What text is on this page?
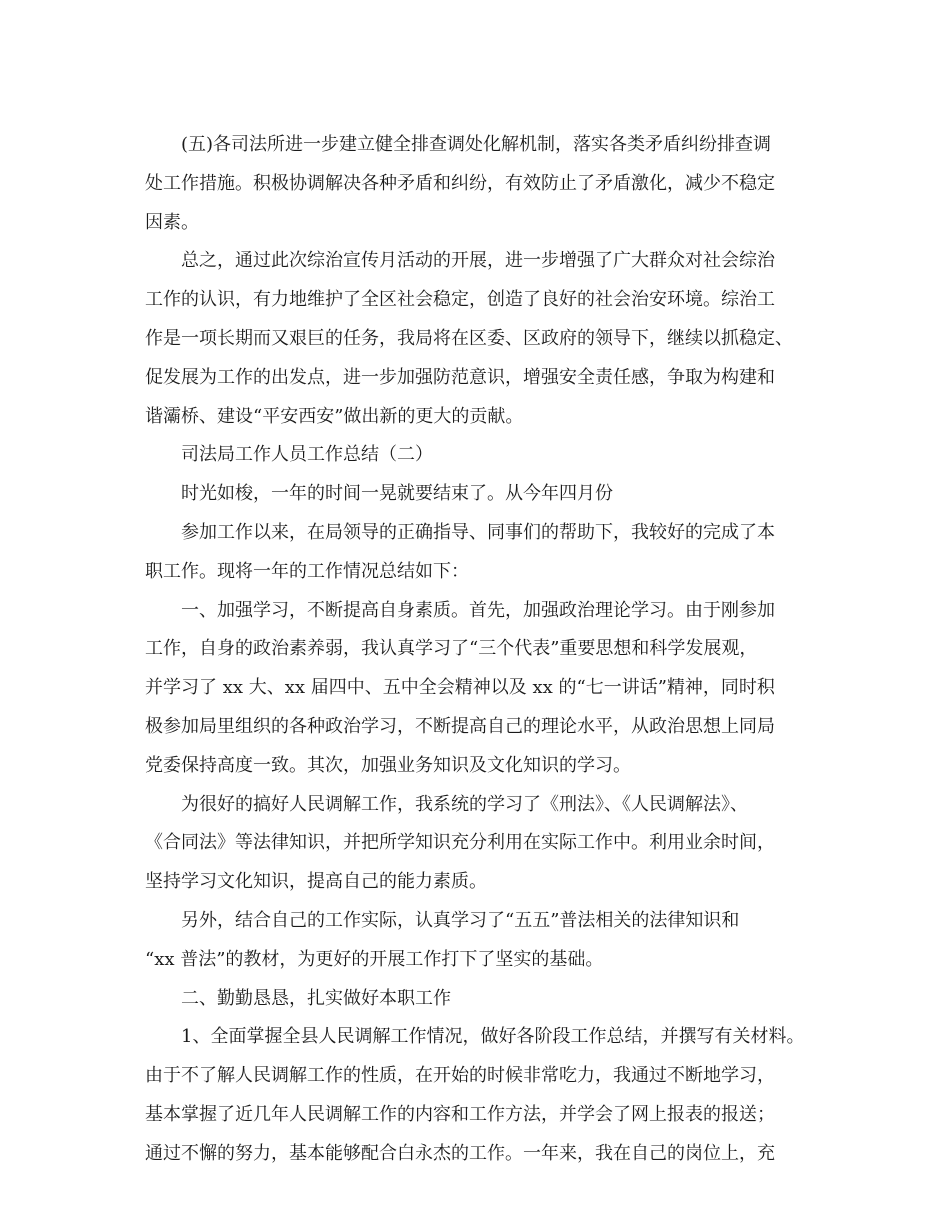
(五)各司法所进一步建立健全排查调处化解机制，落实各类矛盾纠纷排查调
处工作措施。积极协调解决各种矛盾和纠纷，有效防止了矛盾激化，减少不稳定
因素。
总之，通过此次综治宣传月活动的开展，进一步增强了广大群众对社会综治
工作的认识，有力地维护了全区社会稳定，创造了良好的社会治安环境。综治工
作是一项长期而又艰巨的任务，我局将在区委、区政府的领导下，继续以抓稳定、
促发展为工作的出发点，进一步加强防范意识，增强安全责任感，争取为构建和
谐灞桥、建设“平安西安”做出新的更大的贡献。
司法局工作人员工作总结（二）
时光如梭，一年的时间一晃就要结束了。从今年四月份
参加工作以来，在局领导的正确指导、同事们的帮助下，我较好的完成了本
职工作。现将一年的工作情况总结如下：
一、加强学习，不断提高自身素质。首先，加强政治理论学习。由于刚参加
工作，自身的政治素养弱，我认真学习了“三个代表”重要思想和科学发展观，
并学习了 xx 大、xx 届四中、五中全会精神以及 xx 的“七一讲话”精神，同时积
极参加局里组织的各种政治学习，不断提高自己的理论水平，从政治思想上同局
党委保持高度一致。其次，加强业务知识及文化知识的学习。
为很好的搞好人民调解工作，我系统的学习了《刑法》、《人民调解法》、
《合同法》等法律知识，并把所学知识充分利用在实际工作中。利用业余时间，
坚持学习文化知识，提高自己的能力素质。
另外，结合自己的工作实际，认真学习了“五五”普法相关的法律知识和
“xx 普法”的教材，为更好的开展工作打下了坚实的基础。
二、勤勤恳恳，扎实做好本职工作
1、全面掌握全县人民调解工作情况，做好各阶段工作总结，并撰写有关材料。
由于不了解人民调解工作的性质，在开始的时候非常吃力，我通过不断地学习，
基本掌握了近几年人民调解工作的内容和工作方法，并学会了网上报表的报送；
通过不懈的努力，基本能够配合白永杰的工作。一年来，我在自己的岗位上，充
